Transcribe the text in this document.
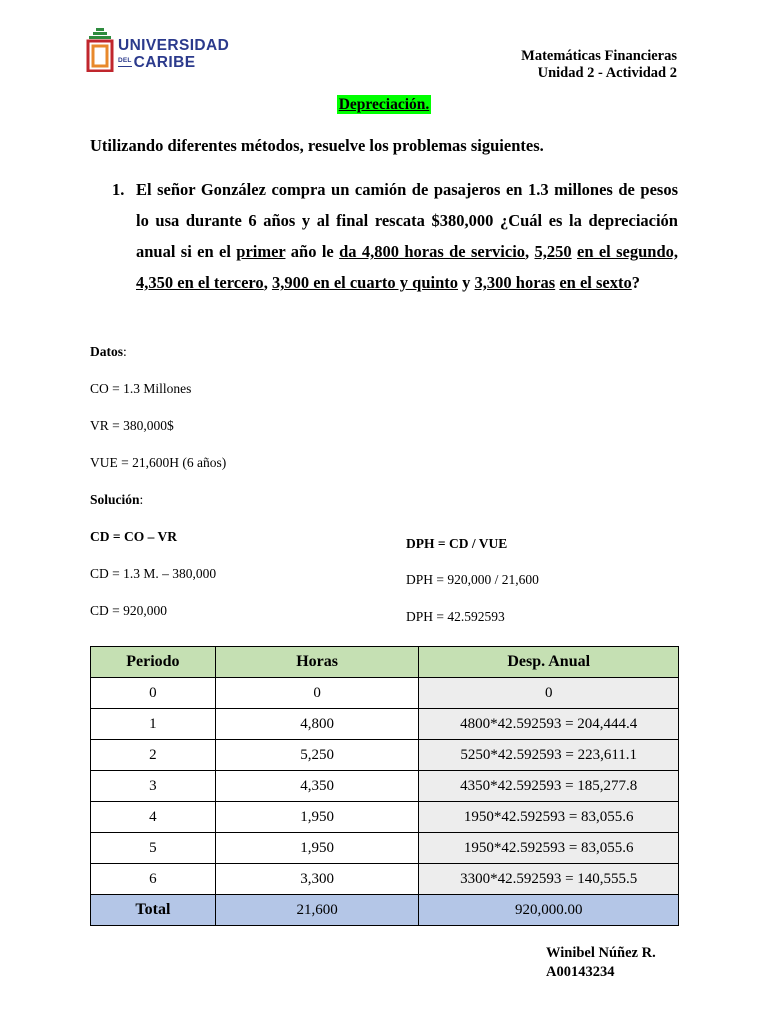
UNIVERSIDAD
DEL CARIBE	Matemáticas Financieras
Unidad 2 - Actividad 2
Depreciación.
Utilizando diferentes métodos, resuelve los problemas siguientes.
1. El señor González compra un camión de pasajeros en 1.3 millones de pesos lo usa durante 6 años y al final rescata $380,000 ¿Cuál es la depreciación anual si en el primer año le da 4,800 horas de servicio, 5,250 en el segundo, 4,350 en el tercero, 3,900 en el cuarto y quinto y 3,300 horas en el sexto?
Datos:
CO = 1.3 Millones
VR = 380,000$
VUE = 21,600H (6 años)
Solución:
CD = CO – VR
CD = 1.3 M. – 380,000
CD = 920,000
DPH = CD / VUE
DPH = 920,000 / 21,600
DPH = 42.592593
Periodo	Horas	Desp. Anual
0	0	0
1	4,800	4800*42.592593 = 204,444.4
2	5,250	5250*42.592593 = 223,611.1
3	4,350	4350*42.592593 = 185,277.8
4	1,950	1950*42.592593 = 83,055.6
5	1,950	1950*42.592593 = 83,055.6
6	3,300	3300*42.592593 = 140,555.5
Total	21,600	920,000.00
Winibel Núñez R.
A00143234
